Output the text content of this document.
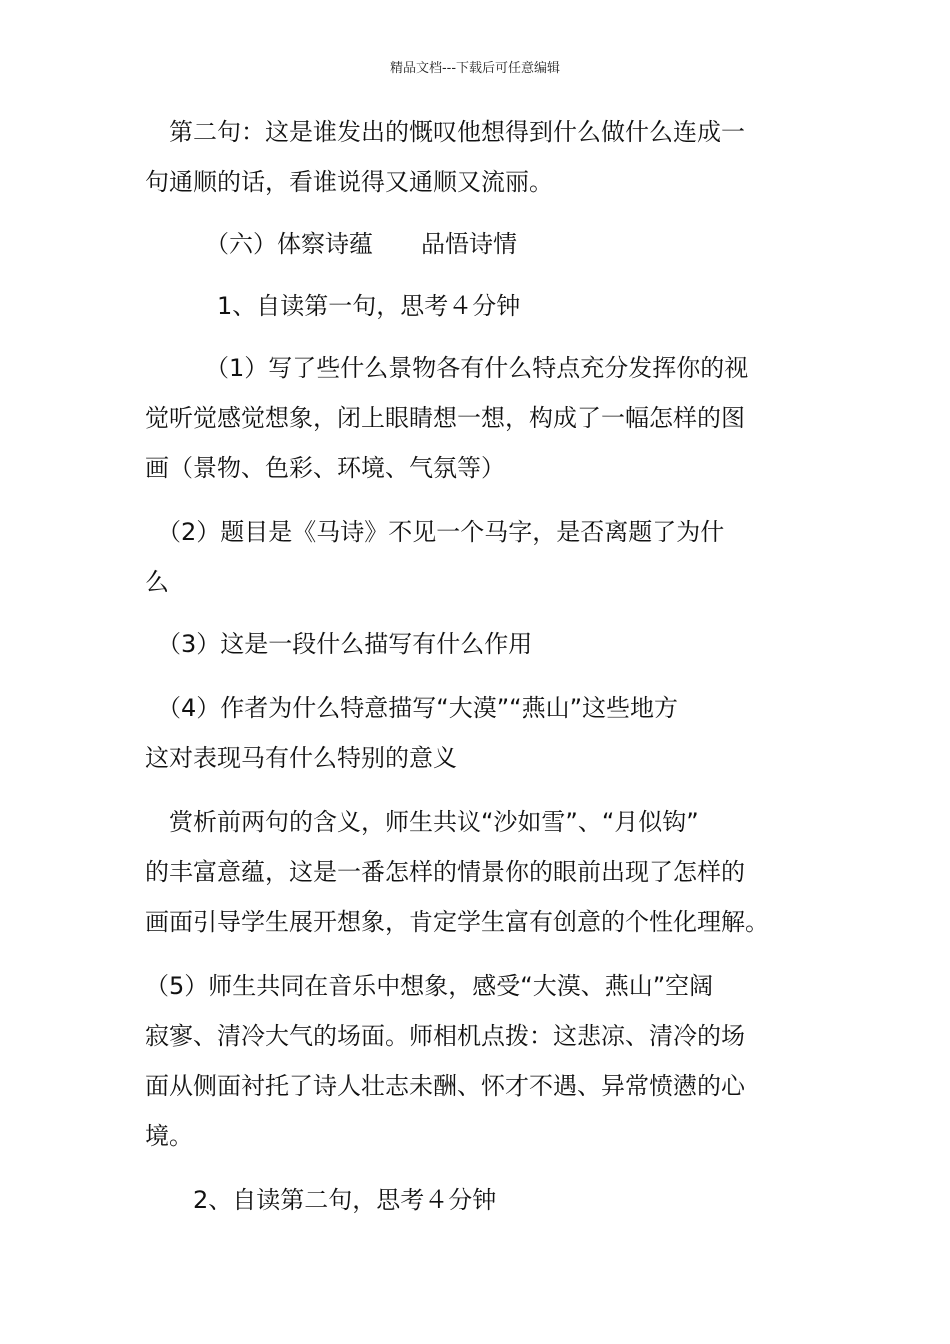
精品文档---下载后可任意编辑
　第二句：这是谁发出的慨叹他想得到什么做什么连成一
句通顺的话，看谁说得又通顺又流丽。
　　　（六）体察诗蕴　　品悟诗情
　　　1、自读第一句，思考４分钟
　　　（1）写了些什么景物各有什么特点充分发挥你的视
觉听觉感觉想象，闭上眼睛想一想，构成了一幅怎样的图
画（景物、色彩、环境、气氛等）
　（2）题目是《马诗》不见一个马字，是否离题了为什
么
　（3）这是一段什么描写有什么作用
　（4）作者为什么特意描写“大漠”“燕山”这些地方
这对表现马有什么特别的意义
　赏析前两句的含义，师生共议“沙如雪”、“月似钩”
的丰富意蕴，这是一番怎样的情景你的眼前出现了怎样的
画面引导学生展开想象，肯定学生富有创意的个性化理解。
（5）师生共同在音乐中想象，感受“大漠、燕山”空阔
寂寥、清冷大气的场面。师相机点拨：这悲凉、清冷的场
面从侧面衬托了诗人壮志未酬、怀才不遇、异常愤懑的心
境。
　　2、自读第二句，思考４分钟
